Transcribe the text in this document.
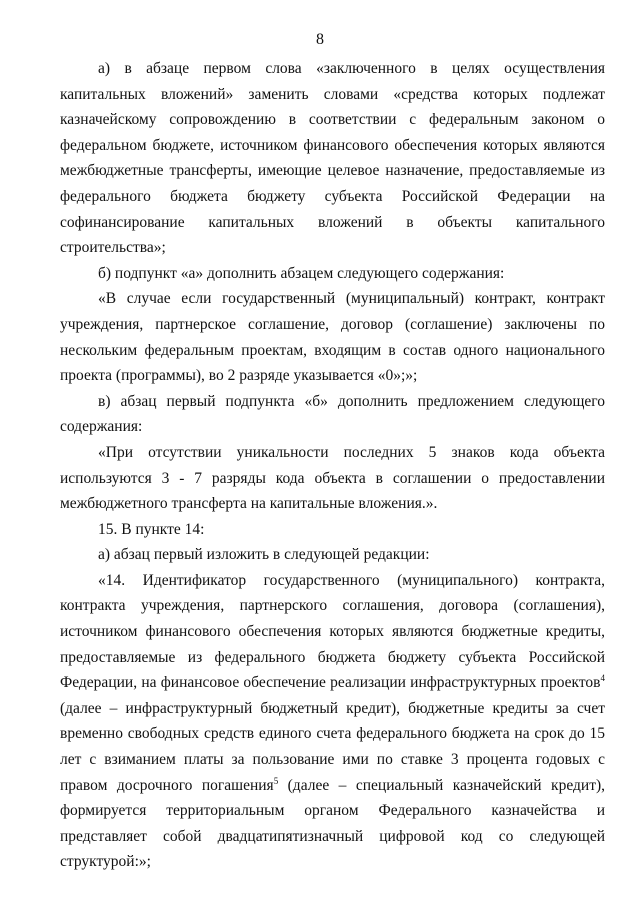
8

а) в абзаце первом слова «заключенного в целях осуществления капитальных вложений» заменить словами «средства которых подлежат казначейскому сопровождению в соответствии с федеральным законом о федеральном бюджете, источником финансового обеспечения которых являются межбюджетные трансферты, имеющие целевое назначение, предоставляемые из федерального бюджета бюджету субъекта Российской Федерации на софинансирование капитальных вложений в объекты капитального строительства»;

б) подпункт «а» дополнить абзацем следующего содержания:

«В случае если государственный (муниципальный) контракт, контракт учреждения, партнерское соглашение, договор (соглашение) заключены по нескольким федеральным проектам, входящим в состав одного национального проекта (программы), во 2 разряде указывается «0»;»;

в) абзац первый подпункта «б» дополнить предложением следующего содержания:

«При отсутствии уникальности последних 5 знаков кода объекта используются 3 - 7 разряды кода объекта в соглашении о предоставлении межбюджетного трансферта на капитальные вложения.».

15. В пункте 14:

а) абзац первый изложить в следующей редакции:

«14. Идентификатор государственного (муниципального) контракта, контракта учреждения, партнерского соглашения, договора (соглашения), источником финансового обеспечения которых являются бюджетные кредиты, предоставляемые из федерального бюджета бюджету субъекта Российской Федерации, на финансовое обеспечение реализации инфраструктурных проектов$^4$ (далее – инфраструктурный бюджетный кредит), бюджетные кредиты за счет временно свободных средств единого счета федерального бюджета на срок до 15 лет с взиманием платы за пользование ими по ставке 3 процента годовых с правом досрочного погашения$^5$ (далее – специальный казначейский кредит), формируется территориальным органом Федерального казначейства и представляет собой двадцатипятизначный цифровой код со следующей структурой:»;
